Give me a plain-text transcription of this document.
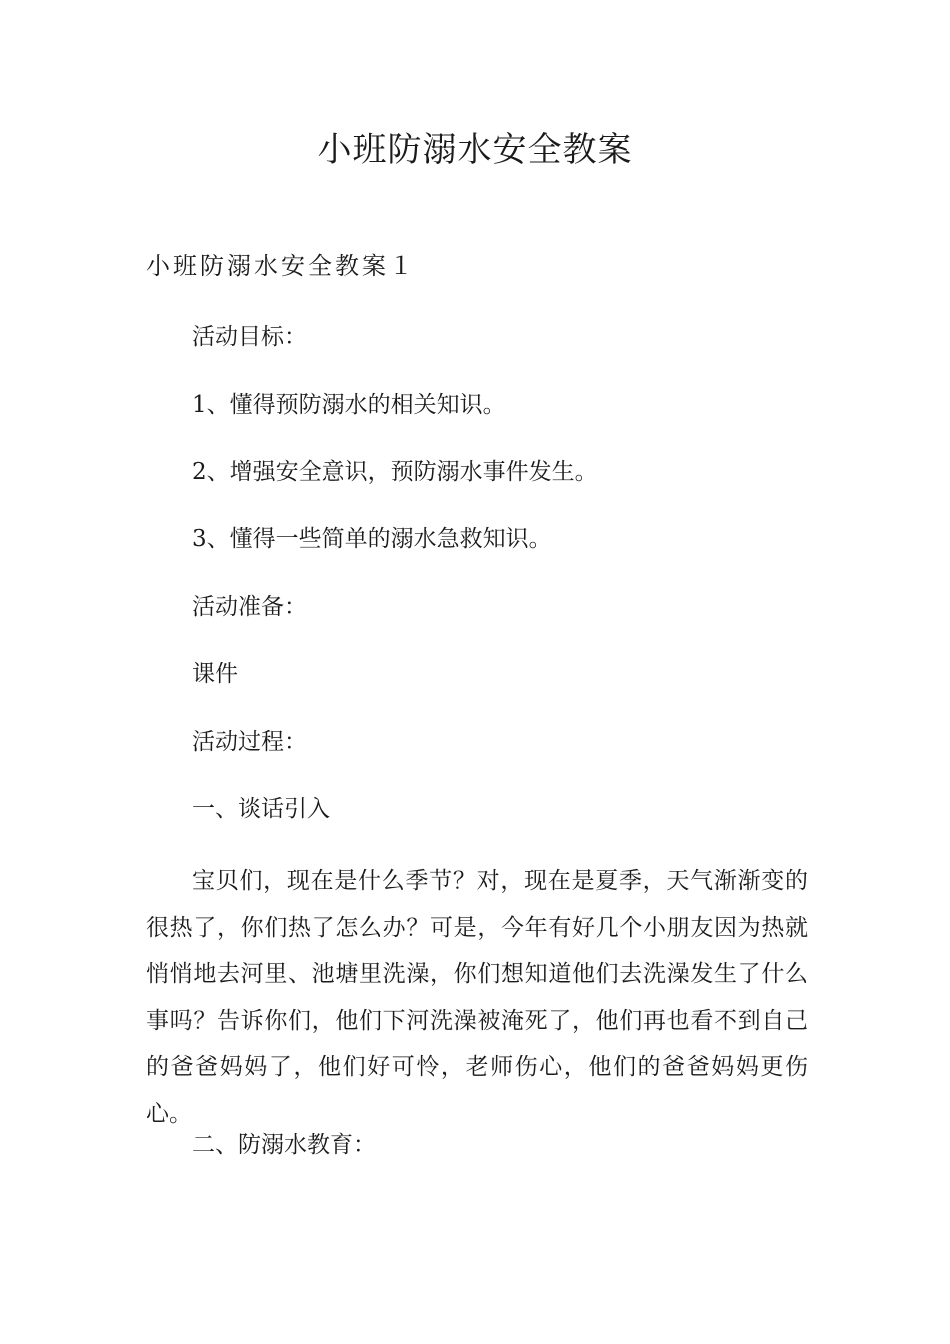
小班防溺水安全教案
小班防溺水安全教案１

活动目标：

1、懂得预防溺水的相关知识。

2、增强安全意识，预防溺水事件发生。

3、懂得一些简单的溺水急救知识。

活动准备：

课件

活动过程：

一、谈话引入

宝贝们，现在是什么季节？对，现在是夏季，天气渐渐变的很热了，你们热了怎么办？可是，今年有好几个小朋友因为热就悄悄地去河里、池塘里洗澡，你们想知道他们去洗澡发生了什么事吗？告诉你们，他们下河洗澡被淹死了，他们再也看不到自己的爸爸妈妈了，他们好可怜，老师伤心，他们的爸爸妈妈更伤心。

二、防溺水教育：
